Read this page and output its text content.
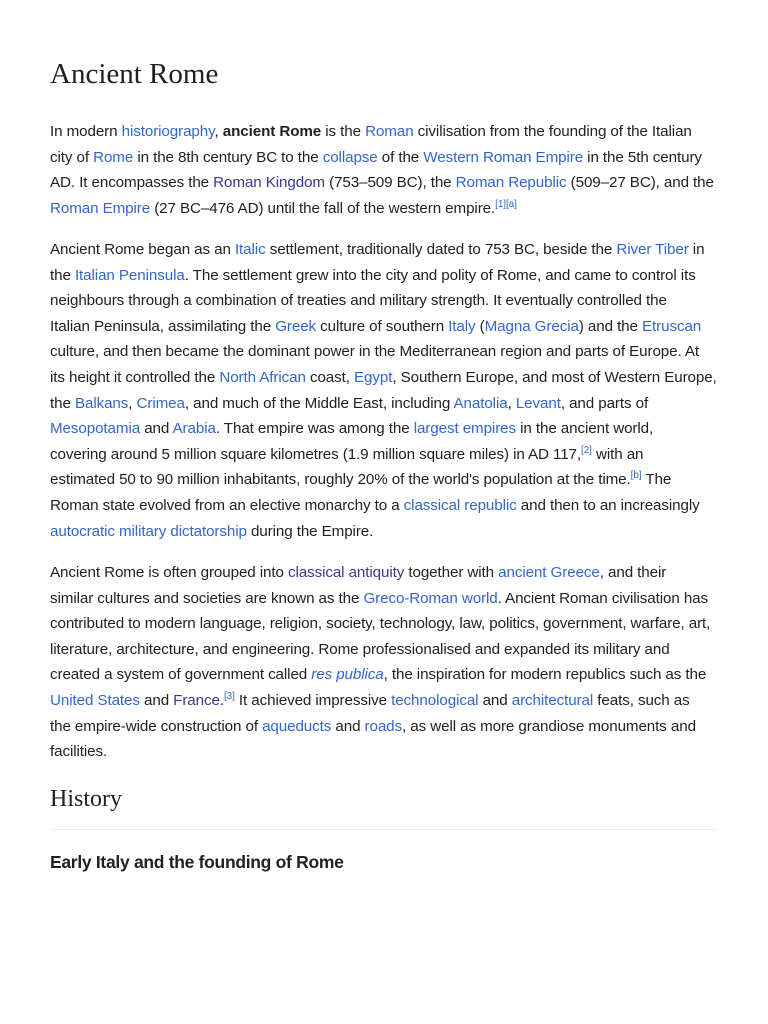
Ancient Rome
In modern historiography, ancient Rome is the Roman civilisation from the founding of the Italian
city of Rome in the 8th century BC to the collapse of the Western Roman Empire in the 5th century
AD. It encompasses the Roman Kingdom (753–509 BC), the Roman Republic (509–27 BC), and the
Roman Empire (27 BC–476 AD) until the fall of the western empire.[1][a]
Ancient Rome began as an Italic settlement, traditionally dated to 753 BC, beside the River Tiber in
the Italian Peninsula. The settlement grew into the city and polity of Rome, and came to control its
neighbours through a combination of treaties and military strength. It eventually controlled the
Italian Peninsula, assimilating the Greek culture of southern Italy (Magna Grecia) and the Etruscan
culture, and then became the dominant power in the Mediterranean region and parts of Europe. At
its height it controlled the North African coast, Egypt, Southern Europe, and most of Western Europe,
the Balkans, Crimea, and much of the Middle East, including Anatolia, Levant, and parts of
Mesopotamia and Arabia. That empire was among the largest empires in the ancient world,
covering around 5 million square kilometres (1.9 million square miles) in AD 117,[2] with an
estimated 50 to 90 million inhabitants, roughly 20% of the world's population at the time.[b] The
Roman state evolved from an elective monarchy to a classical republic and then to an increasingly
autocratic military dictatorship during the Empire.
Ancient Rome is often grouped into classical antiquity together with ancient Greece, and their
similar cultures and societies are known as the Greco-Roman world. Ancient Roman civilisation has
contributed to modern language, religion, society, technology, law, politics, government, warfare, art,
literature, architecture, and engineering. Rome professionalised and expanded its military and
created a system of government called res publica, the inspiration for modern republics such as the
United States and France.[3] It achieved impressive technological and architectural feats, such as
the empire-wide construction of aqueducts and roads, as well as more grandiose monuments and
facilities.
History
Early Italy and the founding of Rome
